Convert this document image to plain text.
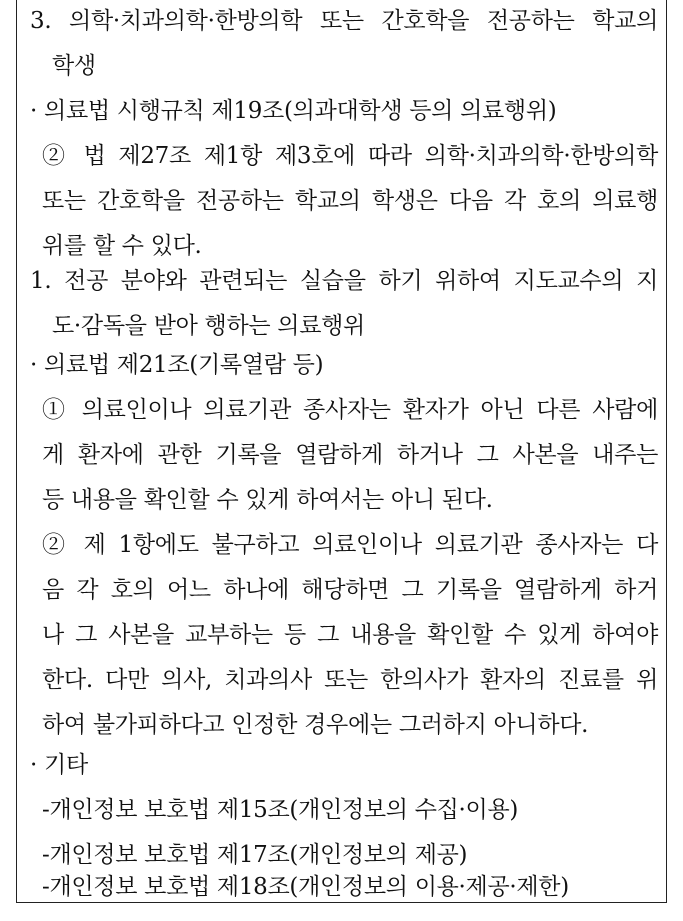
3. 의학·치과의학·한방의학 또는 간호학을 전공하는 학교의
학생
· 의료법 시행규칙 제19조(의과대학생 등의 의료행위)
② 법 제27조 제1항 제3호에 따라 의학·치과의학·한방의학
또는 간호학을 전공하는 학교의 학생은 다음 각 호의 의료행
위를 할 수 있다.
1. 전공 분야와 관련되는 실습을 하기 위하여 지도교수의 지
도·감독을 받아 행하는 의료행위
· 의료법 제21조(기록열람 등)
① 의료인이나 의료기관 종사자는 환자가 아닌 다른 사람에
게 환자에 관한 기록을 열람하게 하거나 그 사본을 내주는
등 내용을 확인할 수 있게 하여서는 아니 된다.
② 제 1항에도 불구하고 의료인이나 의료기관 종사자는 다
음 각 호의 어느 하나에 해당하면 그 기록을 열람하게 하거
나 그 사본을 교부하는 등 그 내용을 확인할 수 있게 하여야
한다. 다만 의사, 치과의사 또는 한의사가 환자의 진료를 위
하여 불가피하다고 인정한 경우에는 그러하지 아니하다.
· 기타
-개인정보 보호법 제15조(개인정보의 수집·이용)
-개인정보 보호법 제17조(개인정보의 제공)
-개인정보 보호법 제18조(개인정보의 이용·제공·제한)
